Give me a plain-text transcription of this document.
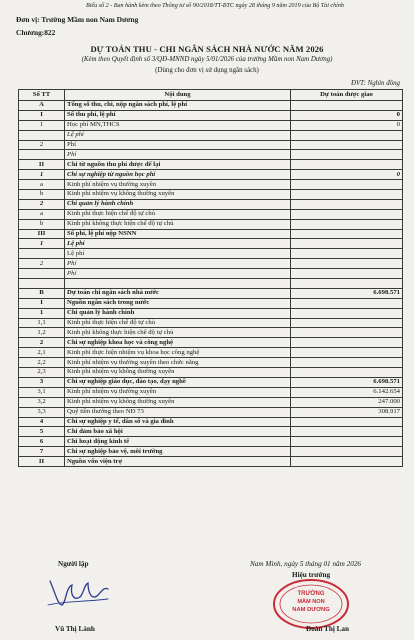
Biểu số 2 - Ban hành kèm theo Thông tư số 90/2018/TT-BTC ngày 28 tháng 9 năm 2019 của Bộ Tài chính
Đơn vị: Trường Mầm non Nam Dương
Chương:822
DỰ TOÁN THU - CHI NGÂN SÁCH NHÀ NƯỚC NĂM 2026
(Kèm theo Quyết định số 3/QĐ-MNND ngày 5/01/2026 của trường Mầm non Nam Dương)
(Dùng cho đơn vị sử dụng ngân sách)
ĐVT: Nghìn đồng
Số TT	Nội dung	Dự toán được giao
A	Tổng số thu, chi, nộp ngân sách phí, lệ phí	
I	Số thu phí, lệ phí	0
1	Học phí MN,THCS	0
	Lệ phí	
2	Phí	
	Phí	
II	Chi từ nguồn thu phí được để lại	
1	Chi sự nghiệp từ nguồn học phí	0
a	Kinh phí nhiệm vụ thường xuyên	
b	Kinh phí nhiệm vụ không thường xuyên	
2	Chi quản lý hành chính	
a	Kinh phí thực hiện chế độ tự chủ	
b	Kinh phí không thực hiện chế độ tự chủ	
III	Số phí, lệ phí nộp NSNN	
1	Lệ phí	
	Lệ phí	
2	Phí	
	Phí	

B	Dự toán chi ngân sách nhà nước	6.698.571
I	Nguồn ngân sách trong nước	
1	Chi quản lý hành chính	
1,1	Kinh phí thực hiện chế độ tự chủ	
1,2	Kinh phí không thực hiện chế độ tự chủ	
2	Chi sự nghiệp khoa học và công nghệ	
2,1	Kinh phí thực hiện nhiệm vụ khoa học công nghệ	
2,2	Kinh phí nhiệm vụ thường xuyên theo chức năng	
2,3	Kinh phí nhiệm vụ không thường xuyên	
3	Chi sự nghiệp giáo dục, đào tạo, dạy nghề	6.698.571
3,1	Kinh phí nhiệm vụ thường xuyên	6.142.654
3,2	Kinh phí nhiệm vụ không thường xuyên	247.000
3,3	Quỹ tiền thưởng theo NĐ 73	308.917
4	Chi sự nghiệp y tế, dân số và gia đình	
5	Chi đảm bảo xã hội	
6	Chi hoạt động kinh tế	
7	Chi sự nghiệp bảo vệ, môi trường	
II	Nguồn vốn viện trợ	
Nam Minh, ngày 5 tháng 01 năm 2026
Người lập
Hiệu trưởng
TRƯỜNG
MẦM NON
NAM DƯƠNG
Vũ Thị Lành	Đoàn Thị Lan
